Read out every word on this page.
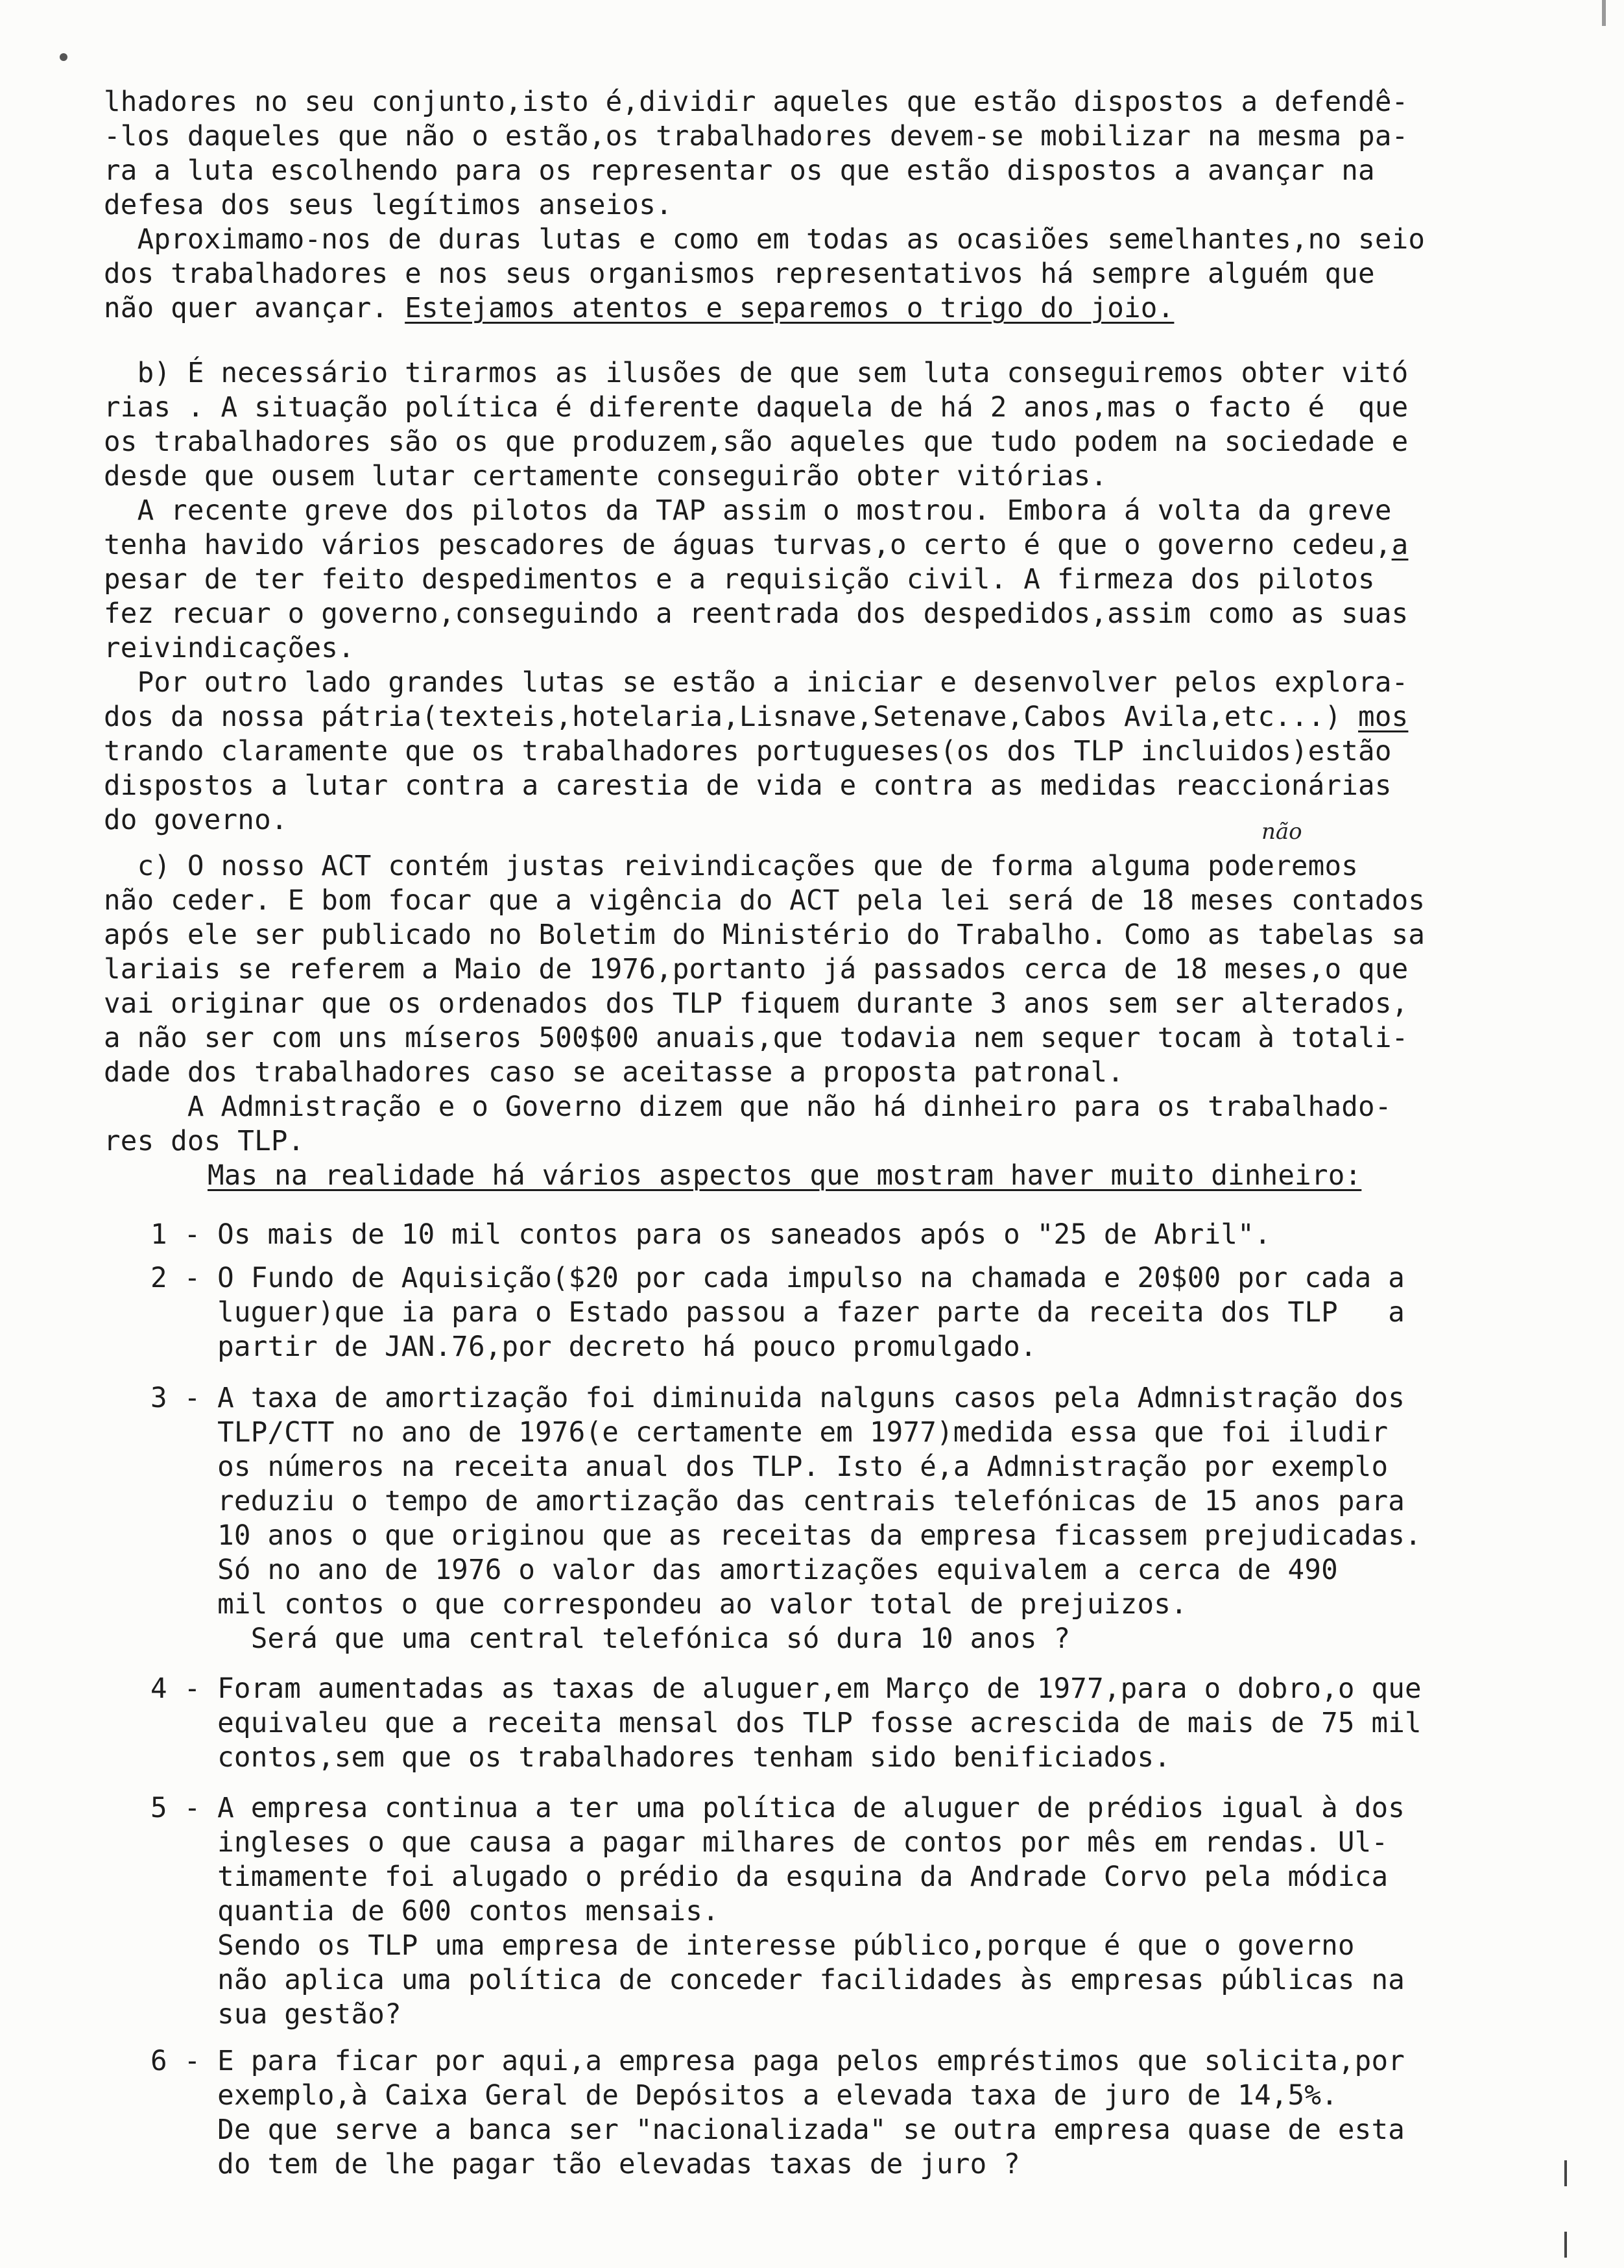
lhadores no seu conjunto,isto é,dividir aqueles que estão dispostos a defendê-
-los daqueles que não o estão,os trabalhadores devem-se mobilizar na mesma pa-
ra a luta escolhendo para os representar os que estão dispostos a avançar na
defesa dos seus legítimos anseios.
Aproximamo-nos de duras lutas e como em todas as ocasiões semelhantes,no seio
dos trabalhadores e nos seus organismos representativos há sempre alguém que
não quer avançar. Estejamos atentos e separemos o trigo do joio.
b) É necessário tirarmos as ilusões de que sem luta conseguiremos obter vitó
rias . A situação política é diferente daquela de há 2 anos,mas o facto é  que
os trabalhadores são os que produzem,são aqueles que tudo podem na sociedade e
desde que ousem lutar certamente conseguirão obter vitórias.
A recente greve dos pilotos da TAP assim o mostrou. Embora á volta da greve
tenha havido vários pescadores de águas turvas,o certo é que o governo cedeu,a
pesar de ter feito despedimentos e a requisição civil. A firmeza dos pilotos
fez recuar o governo,conseguindo a reentrada dos despedidos,assim como as suas
reivindicações.
Por outro lado grandes lutas se estão a iniciar e desenvolver pelos explora-
dos da nossa pátria(texteis,hotelaria,Lisnave,Setenave,Cabos Avila,etc...) mos
trando claramente que os trabalhadores portugueses(os dos TLP incluidos)estão
dispostos a lutar contra a carestia de vida e contra as medidas reaccionárias
do governo.	não
c) O nosso ACT contém justas reivindicações que de forma alguma poderemos
não ceder. E bom focar que a vigência do ACT pela lei será de 18 meses contados
após ele ser publicado no Boletim do Ministério do Trabalho. Como as tabelas sa
lariais se referem a Maio de 1976,portanto já passados cerca de 18 meses,o que
vai originar que os ordenados dos TLP fiquem durante 3 anos sem ser alterados,
a não ser com uns míseros 500$00 anuais,que todavia nem sequer tocam à totali-
dade dos trabalhadores caso se aceitasse a proposta patronal.
A Admnistração e o Governo dizem que não há dinheiro para os trabalhado-
res dos TLP.
Mas na realidade há vários aspectos que mostram haver muito dinheiro:
1 - Os mais de 10 mil contos para os saneados após o "25 de Abril".
2 - O Fundo de Aquisição($20 por cada impulso na chamada e 20$00 por cada a
luguer)que ia para o Estado passou a fazer parte da receita dos TLP   a
partir de JAN.76,por decreto há pouco promulgado.
3 - A taxa de amortização foi diminuida nalguns casos pela Admnistração dos
TLP/CTT no ano de 1976(e certamente em 1977)medida essa que foi iludir
os números na receita anual dos TLP. Isto é,a Admnistração por exemplo
reduziu o tempo de amortização das centrais telefónicas de 15 anos para
10 anos o que originou que as receitas da empresa ficassem prejudicadas.
Só no ano de 1976 o valor das amortizações equivalem a cerca de 490
mil contos o que correspondeu ao valor total de prejuizos.
Será que uma central telefónica só dura 10 anos ?
4 - Foram aumentadas as taxas de aluguer,em Março de 1977,para o dobro,o que
equivaleu que a receita mensal dos TLP fosse acrescida de mais de 75 mil
contos,sem que os trabalhadores tenham sido benificiados.
5 - A empresa continua a ter uma política de aluguer de prédios igual à dos
ingleses o que causa a pagar milhares de contos por mês em rendas. Ul-
timamente foi alugado o prédio da esquina da Andrade Corvo pela módica
quantia de 600 contos mensais.
Sendo os TLP uma empresa de interesse público,porque é que o governo
não aplica uma política de conceder facilidades às empresas públicas na
sua gestão?
6 - E para ficar por aqui,a empresa paga pelos empréstimos que solicita,por
exemplo,à Caixa Geral de Depósitos a elevada taxa de juro de 14,5%.
De que serve a banca ser "nacionalizada" se outra empresa quase de esta
do tem de lhe pagar tão elevadas taxas de juro ?
